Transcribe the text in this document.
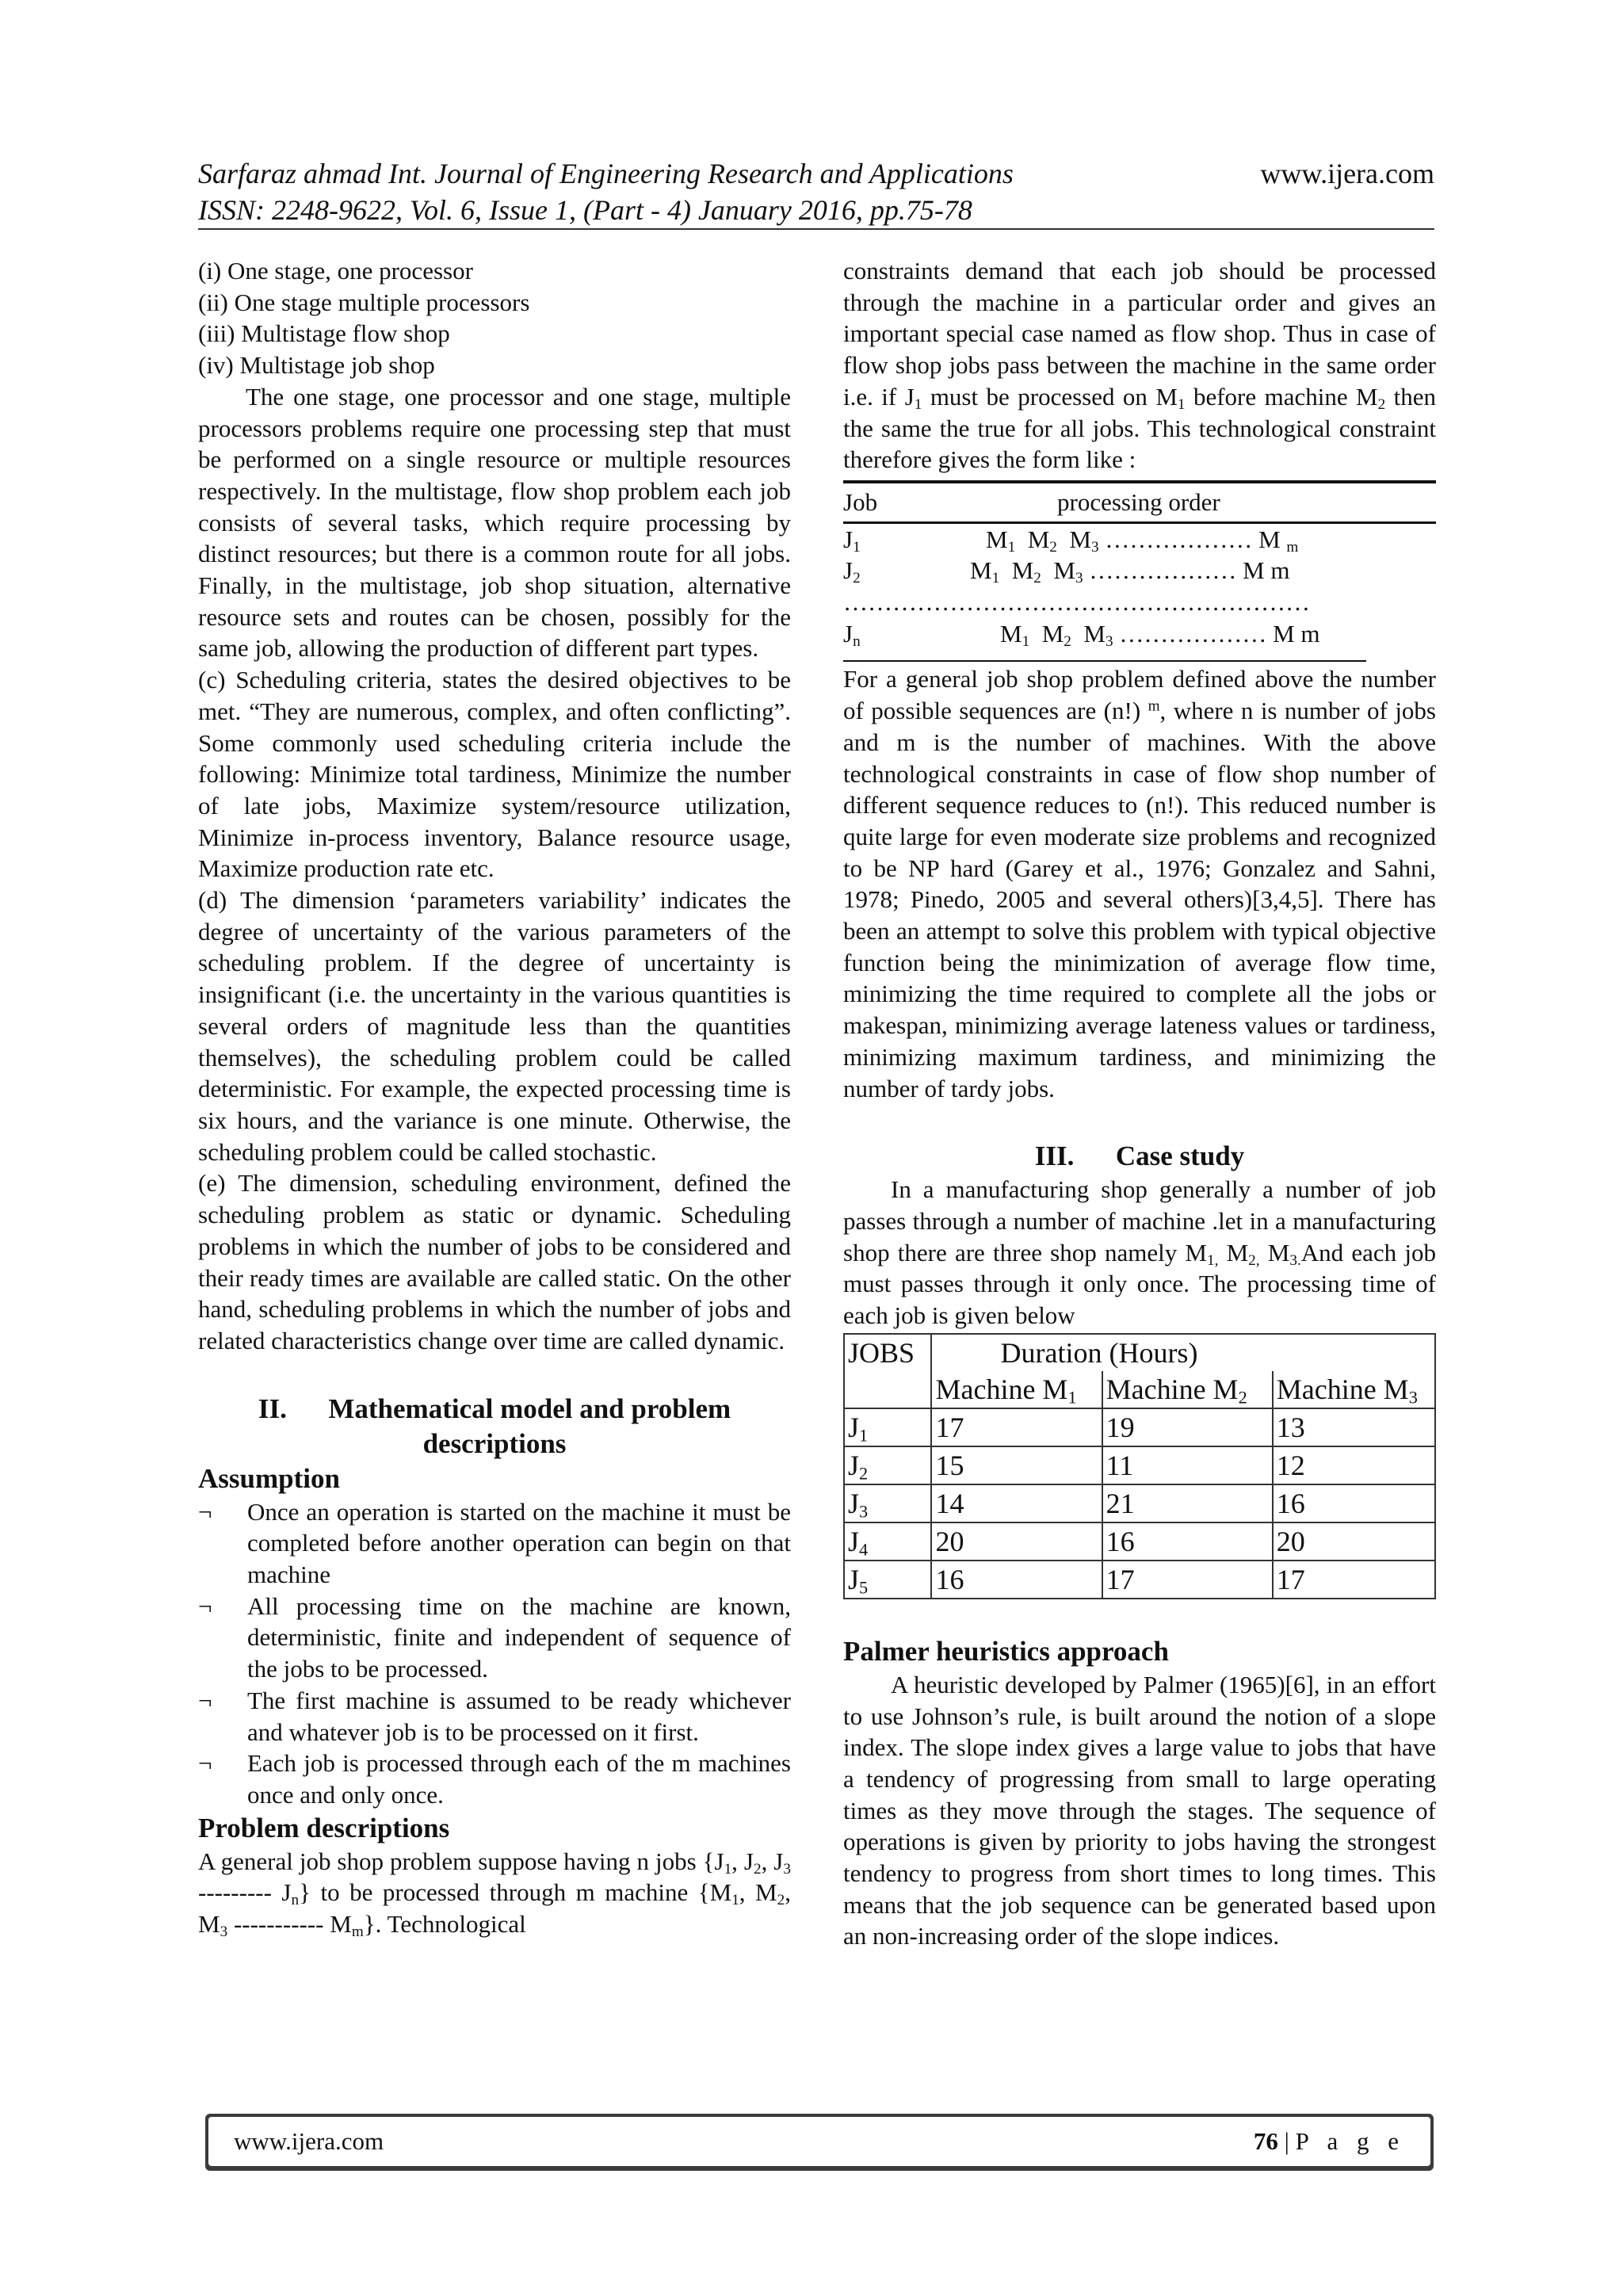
Sarfaraz ahmad Int. Journal of Engineering Research and Applications	www.ijera.com
ISSN: 2248-9622, Vol. 6, Issue 1, (Part - 4) January 2016, pp.75-78

(i) One stage, one processor

(ii) One stage multiple processors

(iii) Multistage flow shop

(iv) Multistage job shop

The one stage, one processor and one stage, multiple processors problems require one processing step that must be performed on a single resource or multiple resources respectively. In the multistage, flow shop problem each job consists of several tasks, which require processing by distinct resources; but there is a common route for all jobs. Finally, in the multistage, job shop situation, alternative resource sets and routes can be chosen, possibly for the same job, allowing the production of different part types.

(c) Scheduling criteria, states the desired objectives to be met. “They are numerous, complex, and often conflicting”. Some commonly used scheduling criteria include the following: Minimize total tardiness, Minimize the number of late jobs, Maximize system/resource utilization, Minimize in-process inventory, Balance resource usage, Maximize production rate etc.

(d) The dimension ‘parameters variability’ indicates the degree of uncertainty of the various parameters of the scheduling problem. If the degree of uncertainty is insignificant (i.e. the uncertainty in the various quantities is several orders of magnitude less than the quantities themselves), the scheduling problem could be called deterministic. For example, the expected processing time is six hours, and the variance is one minute. Otherwise, the scheduling problem could be called stochastic.

(e) The dimension, scheduling environment, defined the scheduling problem as static or dynamic. Scheduling problems in which the number of jobs to be considered and their ready times are available are called static. On the other hand, scheduling problems in which the number of jobs and related characteristics change over time are called dynamic.

II. Mathematical model and problem descriptions
Assumption
¬	Once an operation is started on the machine it must be completed before another operation can begin on that machine
¬	All processing time on the machine are known, deterministic, finite and independent of sequence of the jobs to be processed.
¬	The first machine is assumed to be ready whichever and whatever job is to be processed on it first.
¬	Each job is processed through each of the m machines once and only once.
Problem descriptions

A general job shop problem suppose having n jobs {$J_1$, $J_2$, $J_3$ --------- $J_n$} to be processed through m machine {$M_1$, $M_2$, $M_3$ ----------- $M_m$}. Technological

constraints demand that each job should be processed through the machine in a particular order and gives an important special case named as flow shop. Thus in case of flow shop jobs pass between the machine in the same order i.e. if $J_1$ must be processed on $M_1$ before machine $M_2$ then the same the true for all jobs. This technological constraint therefore gives the form like :

Job	processing order
$J_1$	$M_1$ $M_2$ $M_3$ ……………… M $_m$
$J_2$	$M_1$ $M_2$ $M_3$ ……………… M m
…………………………………………………
$J_n$	$M_1$ $M_2$ $M_3$ ……………… M m

For a general job shop problem defined above the number of possible sequences are (n!) $^m$, where n is number of jobs and m is the number of machines. With the above technological constraints in case of flow shop number of different sequence reduces to (n!). This reduced number is quite large for even moderate size problems and recognized to be NP hard (Garey et al., 1976; Gonzalez and Sahni, 1978; Pinedo, 2005 and several others)[3,4,5]. There has been an attempt to solve this problem with typical objective function being the minimization of average flow time, minimizing the time required to complete all the jobs or makespan, minimizing average lateness values or tardiness, minimizing maximum tardiness, and minimizing the number of tardy jobs.

III. Case study

In a manufacturing shop generally a number of job passes through a number of machine .let in a manufacturing shop there are three shop namely $M_{1,}$ $M_{2,}$ $M_{3.}And$ each job must passes through it only once. The processing time of each job is given below

JOBS	Duration (Hours)		
	Machine $M_1$	Machine $M_2$	Machine $M_3$
$J_1$	17	19	13
$J_2$	15	11	12
$J_3$	14	21	16
$J_4$	20	16	20
$J_5$	16	17	17
Palmer heuristics approach

A heuristic developed by Palmer (1965)[6], in an effort to use Johnson’s rule, is built around the notion of a slope index. The slope index gives a large value to jobs that have a tendency of progressing from small to large operating times as they move through the stages. The sequence of operations is given by priority to jobs having the strongest tendency to progress from short times to long times. This means that the job sequence can be generated based upon an non-increasing order of the slope indices.

www.ijera.com	76 | P a g e
